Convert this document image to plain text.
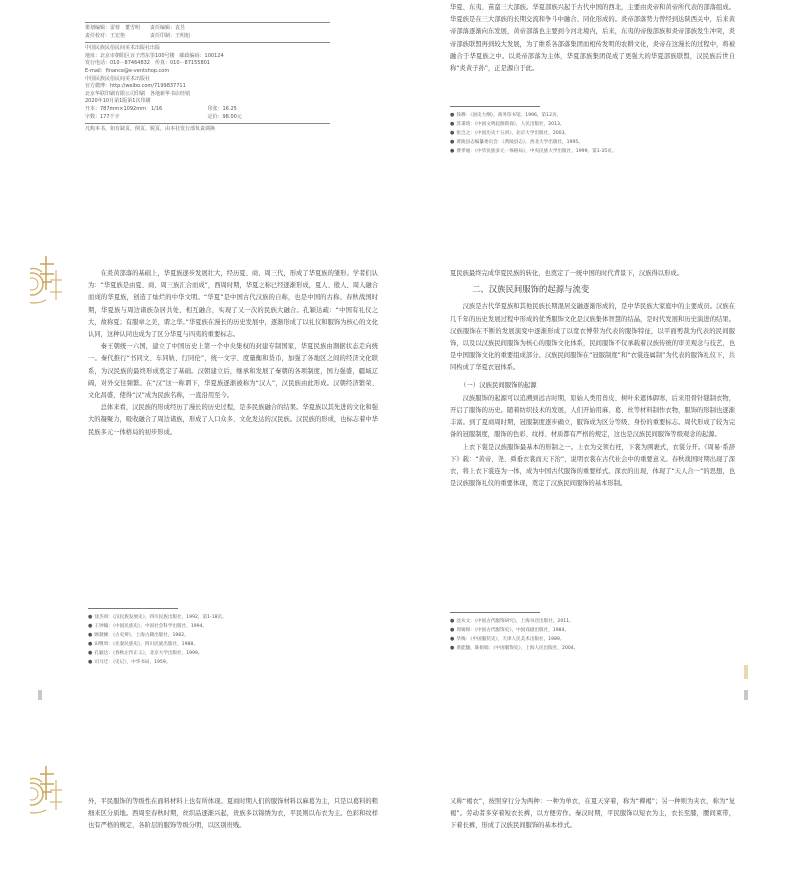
策划编辑：雷蓉　董雪明　　责任编辑：袁昱
责任校对：王宏艳　　　　　责任印制：王明旭
中国民族民俗民间美术出版社出版
地址：北京市朝阳区百子湾东里100号楼　邮政编码：100124
发行电话：010－87464832　传真：010－87155801
E-mail：finance@e-ventshop.com
中国民族民俗民间美术出版社
官方微博：http://weibo.com/7199837711
北京华联印刷有限公司印刷　各地新华书店经销
2020年10月第1版第1次印刷
开本：787mm×1092mm　1/16	印张：16.25
字数：177千字	定价：98.00元
凡购本书，如有缺页、倒页、脱页，由本社发行部负责调换

华夏、东夷、苗蛮三大部族。华夏部族兴起于古代中国的西北，主要由炎帝和黄帝所代表的部落组成。华夏族是在三大部族的长期交流和争斗中融合、同化形成的。炎帝部落势力曾经到达陕西关中，后来黄帝部落逐渐向东发展，黄帝部落也主要到今河北境内，后来，东夷的帝俊部族和炎帝部族发生冲突，炎帝部族联盟再到较大发展，为了维系各部落集团而相传发明的农耕文化，炎帝在这漫长的过程中，将被融合于华夏族之中。以炎帝部落为主体，华夏部族集团促成了更强大的华夏部族联盟，汉民族后世自称“炎黄子孙”，正是源自于此。

● 钱穆：《国史大纲》，商务印书馆，1996，第12页。
● 苏秉琦：《中国文明起源新探》，人民出版社，2013。
● 张岂之：《中国历史十五讲》，北京大学出版社，2003。
● 黄陵县志编纂委员会：《黄陵县志》，西北大学出版社，1995。
● 费孝通：《中华民族多元一体格局》，中央民族大学出版社，1999，第1-35页。

在炎黄部落的基础上，华夏族逐步发展壮大，经历夏、商、周三代，形成了华夏族的雏形。学者们认为：“华夏族是由夏、商、周三族汇合而成”，西周时期，华夏之称已经逐渐形成，夏人、殷人、周人融合而成的华夏族，创造了灿烂的中华文明。“华夏”是中国古代汉族的自称，也是中国的古称。春秋战国时期，华夏族与周边诸族杂居共处，相互融合，实现了又一次的民族大融合。孔颖达疏：“中国有礼仪之大，故称夏；有服章之美，谓之华。”华夏族在漫长的历史发展中，逐渐形成了以礼仪和服饰为核心的文化认同，这种认同也成为了区分华夏与四夷的重要标志。

秦王朝统一六国，建立了中国历史上第一个中央集权的封建专制国家，华夏民族由割据状态走向统一。秦代推行“书同文、车同轨、行同伦”，统一文字、度量衡和货币，加强了各地区之间的经济文化联系，为汉民族的最终形成奠定了基础。汉朝建立后，继承和发展了秦朝的各项制度，国力强盛，疆域辽阔，对外交往频繁。在“汉”这一称谓下，华夏族逐渐被称为“汉人”，汉民族由此形成。汉朝经济繁荣、文化昌盛，使得“汉”成为民族名称，一直沿用至今。

总体来看，汉民族的形成经历了漫长的历史过程，是多民族融合的结果。华夏族以其先进的文化和强大的凝聚力，吸收融合了周边诸族，形成了人口众多、文化发达的汉民族。汉民族的形成，也标志着中华民族多元一体格局的初步形成。

● 徐杰舜：《汉民族发展史》，四川民族出版社，1992，第1-18页。
● 王钟翰：《中国民族史》，中国社会科学出版社，1994。
● 顾颉刚：《古史辨》，上海古籍出版社，1982。
● 田继周：《先秦民族史》，四川民族出版社，1988。
● 孔颖达：《春秋左传正义》，北京大学出版社，1999。
● 司马迁：《史记》，中华书局，1959。

夏民族最终完成华夏民族的转化，也奠定了一统中国的时代背景下，汉族得以形成。

二、汉族民间服饰的起源与流变

汉族是古代华夏族和其他民族长期混居交融逐渐形成的，是中华民族大家庭中的主要成员。汉族在几千年的历史发展过程中形成的优秀服饰文化是汉族集体智慧的结晶，是时代发展和历史演进的结果。汉族服饰在不断的发展演变中逐渐形成了以宽衣博带为代表的服饰特征，以平面剪裁为代表的民间服饰，以及以汉族民间服饰为核心的服饰文化体系，民间服饰不仅承载着汉族传统的审美观念与技艺，也是中国服饰文化的重要组成部分。汉族民间服饰在“冠服制度”和“衣裳连属制”为代表的服饰礼仪下，共同构成了华夏衣冠体系。

（一）汉族民间服饰的起源

汉族服饰的起源可以追溯到远古时期，原始人类用兽皮、树叶来遮体御寒，后来用骨针缝制衣物，开启了服饰的历史。随着纺织技术的发展，人们开始用麻、葛、丝等材料制作衣物，服饰的形制也逐渐丰富。到了夏商周时期，冠服制度逐步确立，服饰成为区分等级、身份的重要标志。周代形成了较为完备的冠服制度，服饰的色彩、纹样、材质都有严格的规定，这也是汉族民间服饰等级观念的起源。

上衣下裳是汉族服饰最基本的形制之一。上衣为交领右衽，下裳为围裹式，衣裳分开。《周易·系辞下》载：“黄帝、尧、舜垂衣裳而天下治”，说明衣裳在古代社会中的重要意义。春秋战国时期出现了深衣，将上衣下裳连为一体，成为中国古代服饰的重要样式。深衣的出现，体现了“天人合一”的思想，也是汉族服饰礼仪的重要体现，奠定了汉族民间服饰的基本形制。

● 沈从文：《中国古代服饰研究》，上海书店出版社，2011。
● 周锡保：《中国古代服饰史》，中国戏剧出版社，1984。
● 华梅：《中国服装史》，天津人民美术出版社，1989。
● 黄能馥、陈娟娟：《中国服饰史》，上海人民出版社，2004。

外，平民服饰的等级性在面料材料上也有所体现。夏商时期人们的服饰材料以麻葛为主，只是以葛料的粗细来区分质地。西周至春秋时期，丝织品逐渐兴起，贵族多以锦绣为衣，平民则以布衣为主。色彩和纹样也有严格的规定，各阶层的服饰等级分明，以区别贵贱。

又称“褐衣”，按照穿行分为两种：一种为单衣，在夏天穿着，称为“襌褐”；另一种则为夹衣，称为“复褐”。劳动者多穿着短衣长裤，以方便劳作。秦汉时期，平民服饰以短衣为主，衣长至膝，腰间束带，下着长裤，形成了汉族民间服饰的基本样式。
